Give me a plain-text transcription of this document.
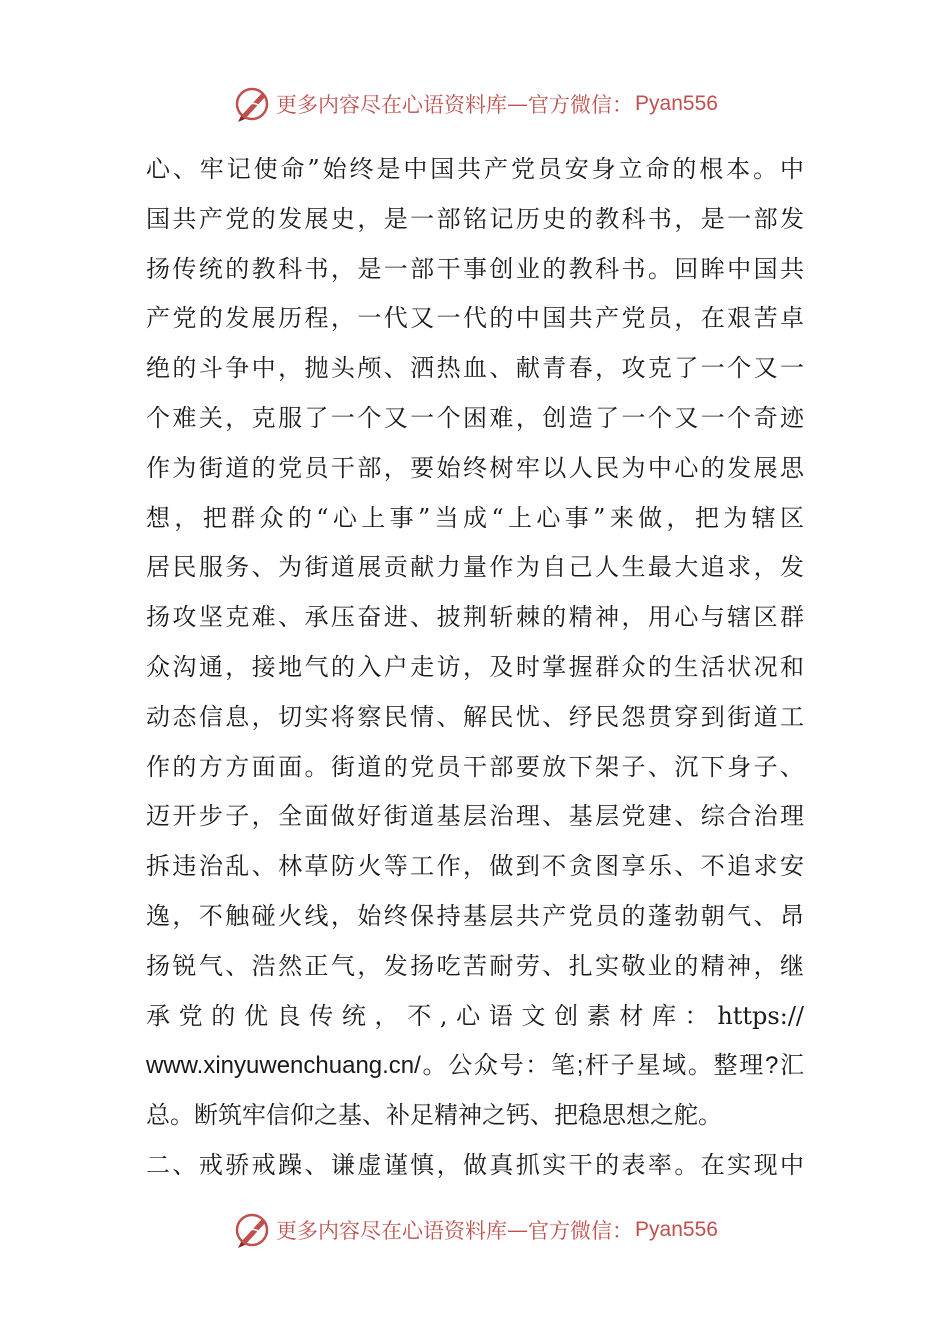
更多内容尽在心语资料库 — 官方微信： Pyan556
心、牢记使命”始终是中国共产党员安身立命的根本。中
国共产党的发展史，是一部铭记历史的教科书，是一部发
扬传统的教科书，是一部干事创业的教科书。回眸中国共
产党的发展历程，一代又一代的中国共产党员，在艰苦卓
绝的斗争中，抛头颅、洒热血、献青春，攻克了一个又一
个难关，克服了一个又一个困难，创造了一个又一个奇迹
作为街道的党员干部，要始终树牢以人民为中心的发展思
想，把群众的“心上事”当成“上心事”来做，把为辖区
居民服务、为街道展贡献力量作为自己人生最大追求，发
扬攻坚克难、承压奋进、披荆斩棘的精神，用心与辖区群
众沟通，接地气的入户走访，及时掌握群众的生活状况和
动态信息，切实将察民情、解民忧、纾民怨贯穿到街道工
作的方方面面。街道的党员干部要放下架子、沉下身子、
迈开步子，全面做好街道基层治理、基层党建、综合治理
拆违治乱、林草防火等工作，做到不贪图享乐、不追求安
逸，不触碰火线，始终保持基层共产党员的蓬勃朝气、昂
扬锐气、浩然正气，发扬吃苦耐劳、扎实敬业的精神，继
承党的优良传统，不,心语文创素材库：https://
www.xinyuwenchuang.cn/。公众号：笔;杆子星域。整理?汇
总。断筑牢信仰之基、补足精神之钙、把稳思想之舵。
二、戒骄戒躁、谦虚谨慎，做真抓实干的表率。在实现中
更多内容尽在心语资料库 — 官方微信： Pyan556
